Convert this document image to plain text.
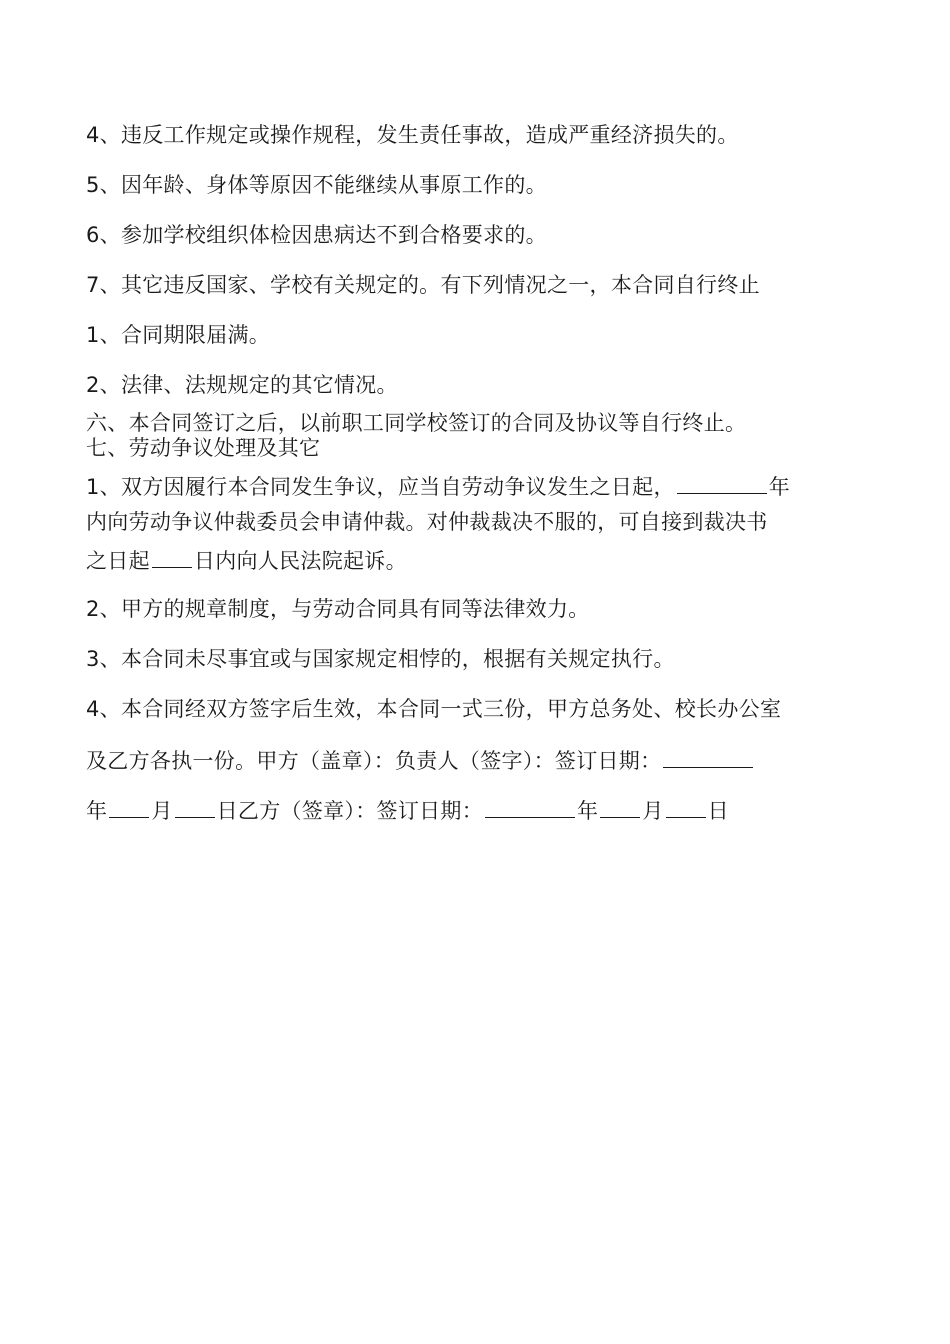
4、违反工作规定或操作规程，发生责任事故，造成严重经济损失的。

5、因年龄、身体等原因不能继续从事原工作的。

6、参加学校组织体检因患病达不到合格要求的。

7、其它违反国家、学校有关规定的。有下列情况之一，本合同自行终止

1、合同期限届满。

2、法律、法规规定的其它情况。

六、本合同签订之后，以前职工同学校签订的合同及协议等自行终止。

七、劳动争议处理及其它

1、双方因履行本合同发生争议，应当自劳动争议发生之日起，	年

内向劳动争议仲裁委员会申请仲裁。对仲裁裁决不服的，可自接到裁决书

之日起 日内向人民法院起诉。

2、甲方的规章制度，与劳动合同具有同等法律效力。

3、本合同未尽事宜或与国家规定相悖的，根据有关规定执行。

4、本合同经双方签字后生效，本合同一式三份，甲方总务处、校长办公室

及乙方各执一份。甲方（盖章）：负责人（签字）：签订日期：

年 月 日乙方（签章）：签订日期：	年 月 日
